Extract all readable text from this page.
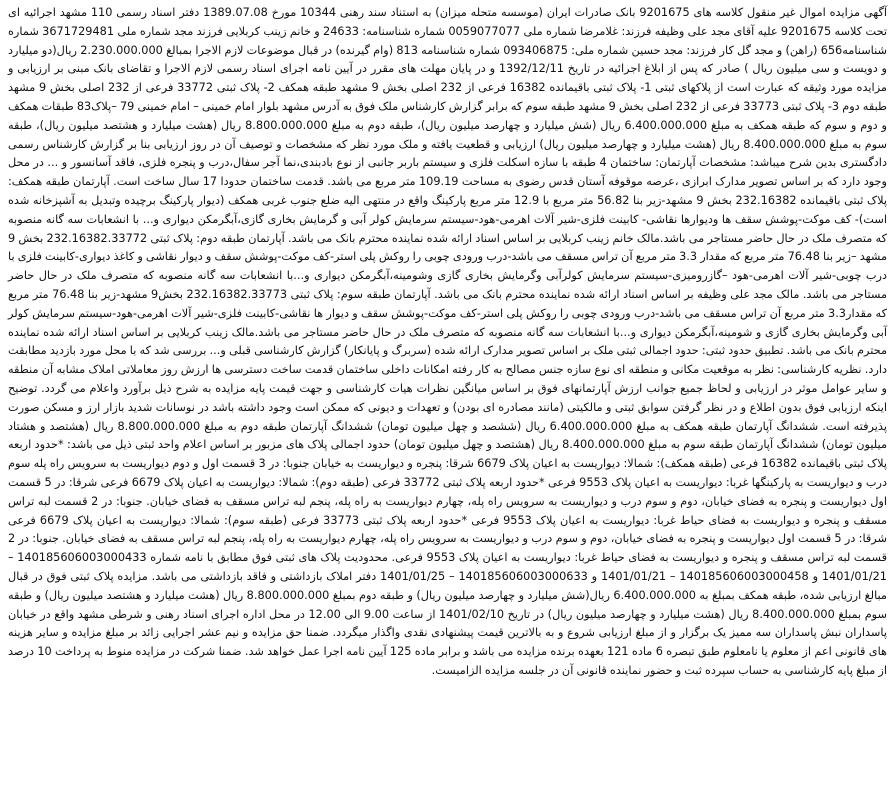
آگهی مزایده اموال غیر منقول کلاسه های 9201675 بانک صادرات ایران (موسسه متحله میزان) به استناد سند رهنی 10344 مورخ 1389.07.08 دفتر اسناد رسمی 110 مشهد اجرائیه ای تحت کلاسه 9201675 علیه آقای مجد علی وظیفه فرزند: غلامرضا شماره ملی 0059077077 شماره شناسنامه: 24633 و خانم زینب کربلایی فرزند مجد شماره ملی 3671729481 شماره شناسنامه656 (راهن) و مجد گل کار فرزند: مجد حسین شماره ملی: 093406875 شماره شناسنامه 813 (وام گیرنده) در قبال موضوعات لازم الاجرا بمبالغ 2.230.000.000 ریال(دو میلیارد و دویست و سی میلیون ریال ) صادر که پس از ابلاغ اجرائیه در تاریخ 1392/12/11 و در پایان مهلت های مقرر در آیین نامه اجرای اسناد رسمی لازم الاجرا و تقاضای بانک مبنی بر ارزیابی و مزایده مورد وثیقه که عبارت است از پلاکهای ثبتی 1- پلاک ثبتی باقیمانده 16382 فرعی از 232 اصلی بخش 9 مشهد طبقه همکف 2- پلاک ثبتی 33772 فرعی از 232 اصلی بخش 9 مشهد طبقه دوم 3- پلاک ثبتی 33773 فرعی از 232 اصلی بخش 9 مشهد طبقه سوم که برابر گزارش کارشناس ملک فوق به آدرس مشهد بلوار امام خمینی – امام خمینی 79 –پلاک83 طبقات همکف و دوم و سوم که طبقه همکف به مبلغ 6.400.000.000 ریال (شش میلیارد و چهارصد میلیون ریال)، طبقه دوم به مبلغ 8.800.000.000 ریال (هشت میلیارد و هشتصد میلیون ریال)، طبقه سوم به مبلغ 8.400.000.000 ریال (هشت میلیارد و چهارصد میلیون ریال) ارزیابی و قطعیت یافته و ملک مورد نظر که مشخصات و توصیف آن در روز ارزیابی بنا بر گزارش کارشناس رسمی دادگستری بدین شرح میباشد: مشخصات آپارتمان: ساختمان 4 طبقه با سازه اسکلت فلزی و سیستم باربر جانبی از نوع بادبندی،نما آجر سفال،درب و پنجره فلزی، فاقد آسانسور و ... در محل وجود دارد که بر اساس تصویر مدارک ابرازی ،عرصه موقوفه آستان قدس رضوی به مساحت 109.19 متر مربع می باشد. قدمت ساختمان حدودا 17 سال ساخت است. آپارتمان طبقه همکف: پلاک ثبتی باقیمانده 232.16382 بخش 9 مشهد-زیر بنا 56.82 متر مربع با 12.9 متر مربع پارکینگ واقع در منتهی الیه ضلع جنوب غربی همکف (دیوار پارکینگ برچیده وتبدیل به آشپزخانه شده است)- کف موکت-پوشش سقف ها ودیوارها نقاشی- کابینت فلزی-شیر آلات اهرمی-هود-سیستم سرمایش کولر آبی و گرمایش بخاری گازی،آبگرمکن دیواری و... با انشعابات سه گانه منصوبه که متصرف ملک در حال حاضر مستاجر می باشد.مالک خانم زینب کربلایی بر اساس اسناد ارائه شده نماینده محترم بانک می باشد. آپارتمان طبقه دوم: پلاک ثبتی 232.16382.33772 بخش 9 مشهد –زیر بنا 76.48 متر مربع که مقدار 3.3 متر مربع آن تراس مسقف می باشد-درب ورودی چوبی را روکش پلی استر-کف موکت-پوشش سقف و دیوار نقاشی و کاغذ دیواری-کابینت فلزی با درب چوبی-شیر آلات اهرمی-هود –گازرومیزی-سیستم سرمایش کولرآبی وگرمایش بخاری گازی وشومینه،آبگرمکن دیواری و...با انشعابات سه گانه منصوبه که متصرف ملک در حال حاضر مستاجر می باشد. مالک مجد علی وظیفه بر اساس اسناد ارائه شده نماینده محترم بانک می باشد. آپارتمان طبقه سوم: پلاک ثبتی 232.16382.33773 بخش9 مشهد-زیر بنا 76.48 متر مربع که مقدار3.3 متر مربع آن تراس مسقف می باشد-درب ورودی چوبی را روکش پلی استر-کف موکت-پوشش سقف و دیوار ها نقاشی-کابینت فلزی-شیر آلات اهرمی-هود-سیستم سرمایش کولر آبی وگرمایش بخاری گازی و شومینه،آبگرمکن دیواری و...با انشعابات سه گانه منصوبه که متصرف ملک در حال حاضر مستاجر می باشد.مالک زینب کربلایی بر اساس اسناد ارائه شده نماینده محترم بانک می باشد. تطبیق حدود ثبتی: حدود اجمالی ثبتی ملک بر اساس تصویر مدارک ارائه شده (سربرگ و پایانکار) گزارش کارشناسی قبلی و... بررسی شد که با محل مورد بازدید مطابقت دارد. نظریه کارشناسی: نظر به موقعیت مکانی و منطقه ای نوع سازه جنس مصالح به کار رفته امکانات داخلی ساختمان قدمت ساخت دسترسی ها ارزش روز معاملاتی املاک مشابه آن منطقه و سایر عوامل موثر در ارزیابی و لحاظ جمیع جوانب ارزش آپارتمانهای فوق بر اساس میانگین نظرات هیات کارشناسی و جهت قیمت پایه مزایده به شرح ذیل برآورد واعلام می گردد. توضیح اینکه ارزیابی فوق بدون اطلاع و در نظر گرفتن سوابق ثبتی و مالکیتی (مانند مصادره ای بودن) و تعهدات و دیونی که ممکن است وجود داشته باشد در نوسانات شدید بازار ارز و مسکن صورت پذیرفته است. ششدانگ آپارتمان طبقه همکف به مبلغ 6.400.000.000 ریال (ششصد و چهل میلیون تومان) ششدانگ آپارتمان طبقه دوم به مبلغ 8.800.000.000 ریال (هشتصد و هشتاد میلیون تومان) ششدانگ آپارتمان طبقه سوم به مبلغ 8.400.000.000 ریال (هشتصد و چهل میلیون تومان) حدود اجمالی پلاک های مزبور بر اساس اعلام واحد ثبتی ذیل می باشد: *حدود اربعه پلاک ثبتی باقیمانده 16382 فرعی (طبقه همکف): شمالا: دیواریست به اعیان پلاک 6679 شرقا: پنجره و دیواریست به خیابان جنوبا: در 3 قسمت اول و دوم دیواریست به سرویس راه پله سوم درب و دیواریست به پارکینگها غربا: دیواریست به اعیان پلاک 9553 فرعی *حدود اربعه پلاک ثبتی 33772 فرعی (طبقه دوم): شمالا: دیواریست به اعیان پلاک 6679 فرعی شرقا: در 5 قسمت اول دیواریست و پنجره به فضای خیابان، دوم و سوم درب و دیواریست به سرویس راه پله، چهارم دیواریست به راه پله، پنجم لبه تراس مسقف به فضای خیابان. جنوبا: در 2 قسمت لبه تراس مسقف و پنجره و دیواریست به فضای حیاط غربا: دیواریست به اعیان پلاک 9553 فرعی *حدود اربعه پلاک ثبتی 33773 فرعی (طبقه سوم): شمالا: دیواریست به اعیان پلاک 6679 فرعی شرقا: در 5 قسمت اول دیواریست و پنجره به فضای خیابان، دوم و سوم درب و دیواریست به سرویس راه پله، چهارم دیواریست به راه پله، پنجم لبه تراس مسقف به فضای خیابان. جنوبا: در 2 قسمت لبه تراس مسقف و پنجره و دیواریست به فضای حیاط غربا: دیواریست به اعیان پلاک 9553 فرعی. محدودیت پلاک های ثبتی فوق مطابق با نامه شماره 140185606003000433 – 1401/01/21 و 140185606003000458 – 1401/01/21 و 140185606003000633 – 1401/01/25 دفتر املاک بازداشتی و فاقد بازداشتی می باشد. مزایده پلاک ثبتی فوق در قبال مبالغ ارزیابی شده، طبقه همکف بمبلغ به 6.400.000.000 ریال(شش میلیارد و چهارصد میلیون ریال) و طبقه دوم بمبلغ 8.800.000.000 ریال (هشت میلیارد و هشتصد میلیون ریال) و طبقه سوم بمبلغ 8.400.000.000 ریال (هشت میلیارد و چهارصد میلیون ریال) در تاریخ 1401/02/10 از ساعت 9.00 الی 12.00 در محل اداره اجرای اسناد رهنی و شرطی مشهد واقع در خیابان پاسداران نبش پاسداران سه ممیز یک برگزار و از مبلغ ارزیابی شروع و به بالاترین قیمت پیشنهادی نقدی واگذار میگردد. ضمنا حق مزایده و نیم عشر اجرایی زائد بر مبلغ مزایده و سایر هزینه های قانونی اعم از معلوم یا نامعلوم طبق تبصره 6 ماده 121 بعهده برنده مزایده می باشد و برابر ماده 125 آیین نامه اجرا عمل خواهد شد. ضمنا شرکت در مزایده منوط به پرداخت 10 درصد از مبلغ پایه کارشناسی به حساب سپرده ثبت و حضور نماینده قانونی آن در جلسه مزایده الزامیست.
